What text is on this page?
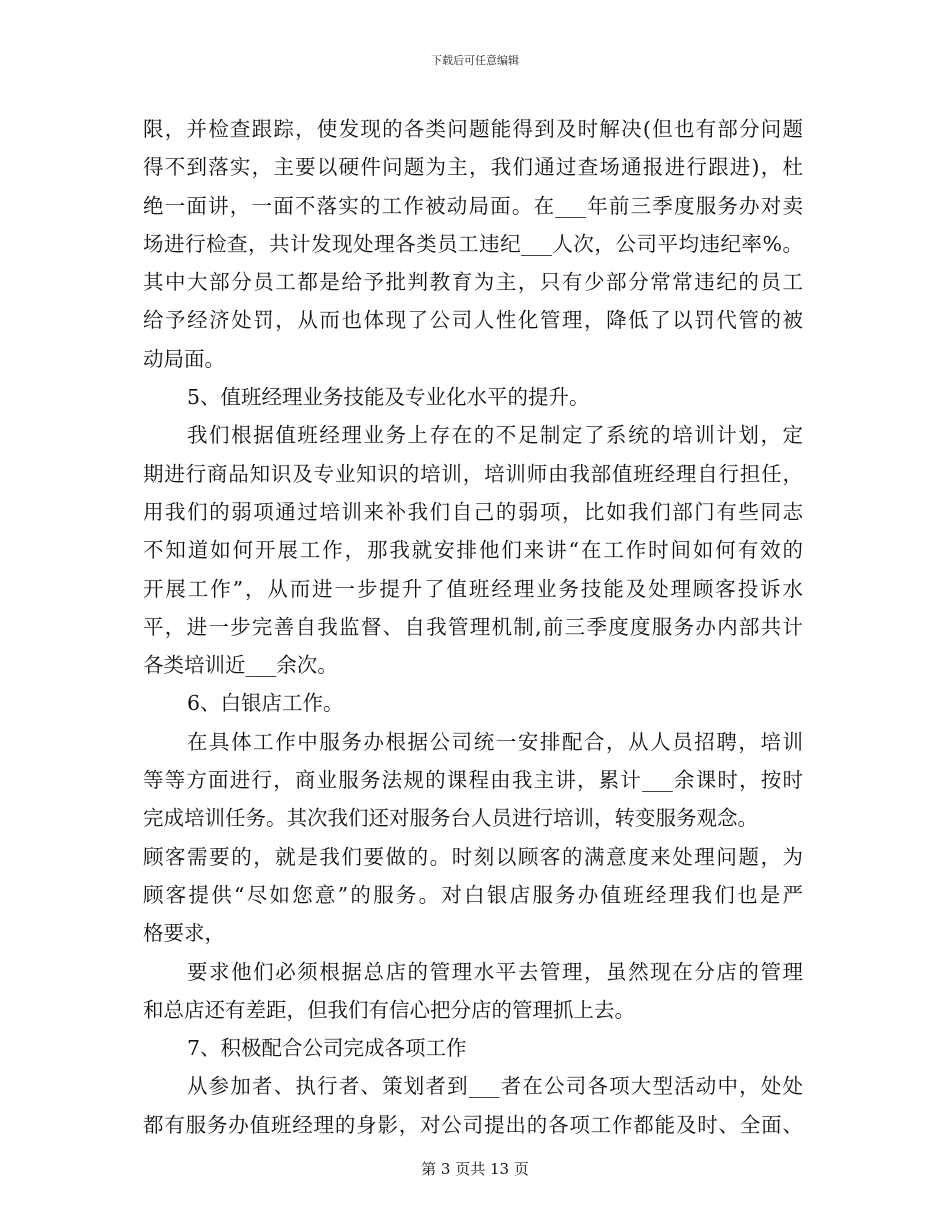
下载后可任意编辑
限，并检查跟踪，使发现的各类问题能得到及时解决(但也有部分问题
得不到落实，主要以硬件问题为主，我们通过查场通报进行跟进)，杜
绝一面讲，一面不落实的工作被动局面。在___年前三季度服务办对卖
场进行检查，共计发现处理各类员工违纪___人次，公司平均违纪率%。
其中大部分员工都是给予批判教育为主，只有少部分常常违纪的员工
给予经济处罚，从而也体现了公司人性化管理，降低了以罚代管的被
动局面。
5、值班经理业务技能及专业化水平的提升。
我们根据值班经理业务上存在的不足制定了系统的培训计划，定
期进行商品知识及专业知识的培训，培训师由我部值班经理自行担任，
用我们的弱项通过培训来补我们自己的弱项，比如我们部门有些同志
不知道如何开展工作，那我就安排他们来讲“在工作时间如何有效的
开展工作”，从而进一步提升了值班经理业务技能及处理顾客投诉水
平，进一步完善自我监督、自我管理机制,前三季度度服务办内部共计
各类培训近___余次。
6、白银店工作。
在具体工作中服务办根据公司统一安排配合，从人员招聘，培训
等等方面进行，商业服务法规的课程由我主讲，累计___余课时，按时
完成培训任务。其次我们还对服务台人员进行培训，转变服务观念。
顾客需要的，就是我们要做的。时刻以顾客的满意度来处理问题，为
顾客提供“尽如您意”的服务。对白银店服务办值班经理我们也是严
格要求，
要求他们必须根据总店的管理水平去管理，虽然现在分店的管理
和总店还有差距，但我们有信心把分店的管理抓上去。
7、积极配合公司完成各项工作
从参加者、执行者、策划者到___者在公司各项大型活动中，处处
都有服务办值班经理的身影，对公司提出的各项工作都能及时、全面、
第 3 页共 13 页
